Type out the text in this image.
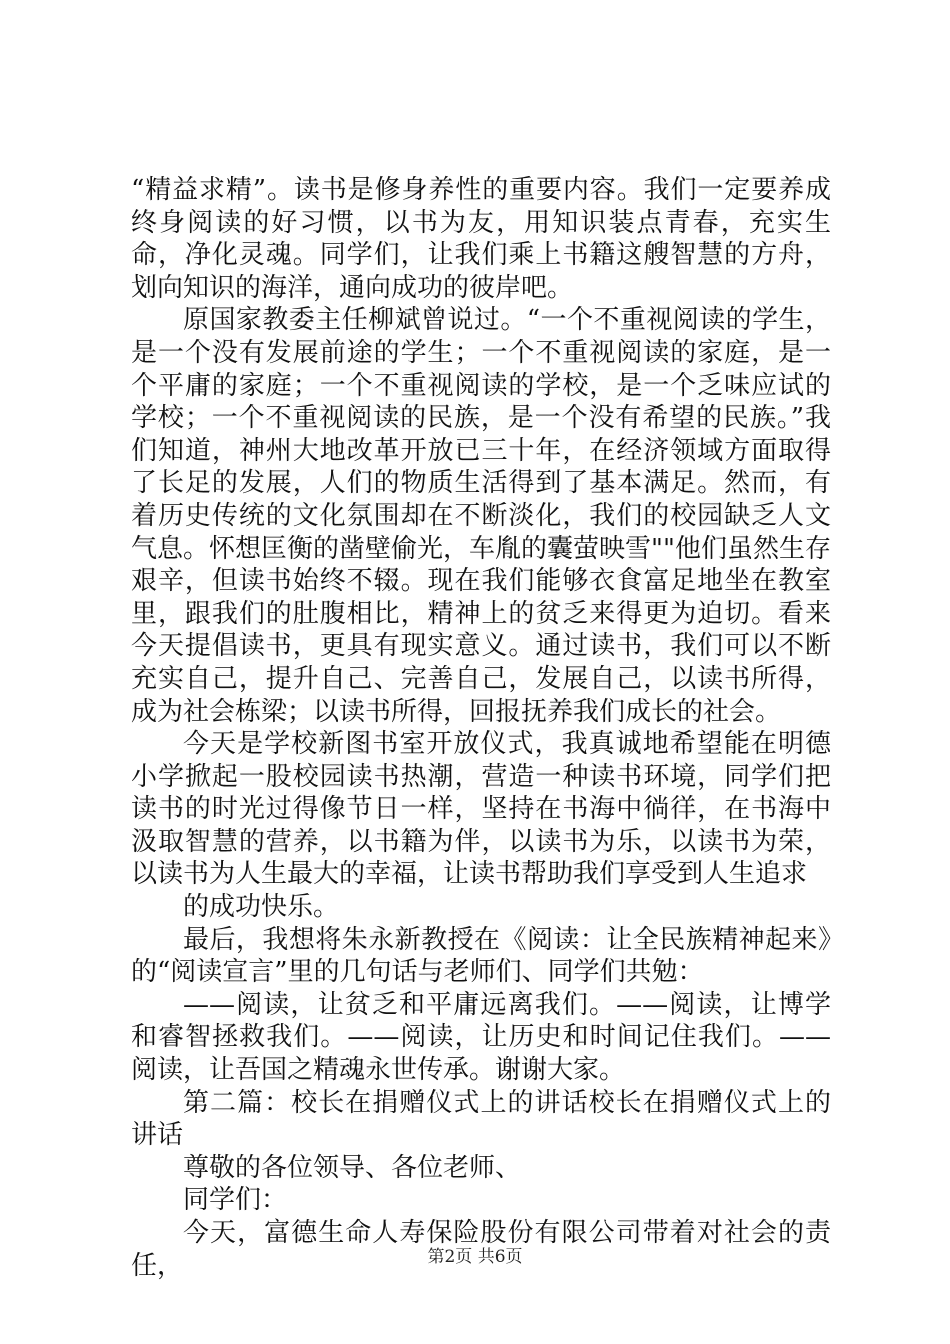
“精益求精”。读书是修身养性的重要内容。我们一定要养成终身阅读的好习惯，以书为友，用知识装点青春，充实生命，净化灵魂。同学们，让我们乘上书籍这艘智慧的方舟，划向知识的海洋，通向成功的彼岸吧。

原国家教委主任柳斌曾说过。“一个不重视阅读的学生，是一个没有发展前途的学生；一个不重视阅读的家庭，是一个平庸的家庭；一个不重视阅读的学校，是一个乏味应试的学校；一个不重视阅读的民族，是一个没有希望的民族。”我们知道，神州大地改革开放已三十年，在经济领域方面取得了长足的发展，人们的物质生活得到了基本满足。然而，有着历史传统的文化氛围却在不断淡化，我们的校园缺乏人文气息。怀想匡衡的凿壁偷光，车胤的囊萤映雪""他们虽然生存艰辛，但读书始终不辍。现在我们能够衣食富足地坐在教室里，跟我们的肚腹相比，精神上的贫乏来得更为迫切。看来今天提倡读书，更具有现实意义。通过读书，我们可以不断充实自己，提升自己、完善自己，发展自己，以读书所得，成为社会栋梁；以读书所得，回报抚养我们成长的社会。

今天是学校新图书室开放仪式，我真诚地希望能在明德小学掀起一股校园读书热潮，营造一种读书环境，同学们把读书的时光过得像节日一样，坚持在书海中徜徉，在书海中汲取智慧的营养，以书籍为伴，以读书为乐，以读书为荣，以读书为人生最大的幸福，让读书帮助我们享受到人生追求

的成功快乐。

最后，我想将朱永新教授在《阅读：让全民族精神起来》的“阅读宣言”里的几句话与老师们、同学们共勉：

——阅读，让贫乏和平庸远离我们。——阅读，让博学和睿智拯救我们。——阅读，让历史和时间记住我们。——阅读，让吾国之精魂永世传承。谢谢大家。

第二篇：校长在捐赠仪式上的讲话校长在捐赠仪式上的讲话

尊敬的各位领导、各位老师、

同学们：

今天，富德生命人寿保险股份有限公司带着对社会的责任，	第2页 共6页
